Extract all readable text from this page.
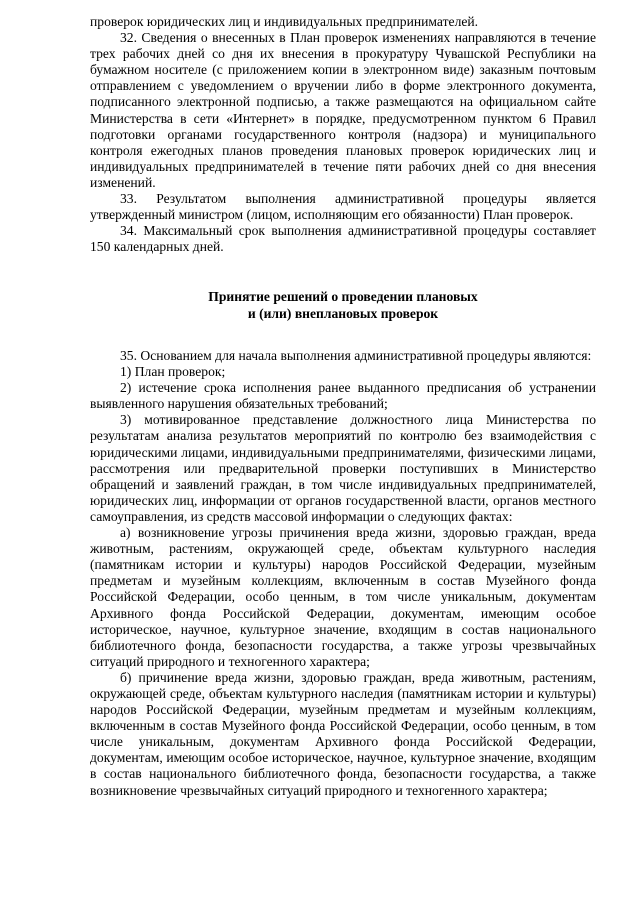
проверок юридических лиц и индивидуальных предпринимателей.

32. Сведения о внесенных в План проверок изменениях направляются в течение трех рабочих дней со дня их внесения в прокуратуру Чувашской Республики на бумажном носителе (с приложением копии в электронном виде) заказным почтовым отправлением с уведомлением о вручении либо в форме электронного документа, подписанного электронной подписью, а также размещаются на официальном сайте Министерства в сети «Интернет» в порядке, предусмотренном пунктом 6 Правил подготовки органами государственного контроля (надзора) и муниципального контроля ежегодных планов проведения плановых проверок юридических лиц и индивидуальных предпринимателей в течение пяти рабочих дней со дня внесения изменений.

33. Результатом выполнения административной процедуры является утвержденный министром (лицом, исполняющим его обязанности) План проверок.

34. Максимальный срок выполнения административной процедуры составляет 150 календарных дней.

Принятие решений о проведении плановых
и (или) внеплановых проверок

35. Основанием для начала выполнения административной процедуры являются:

1) План проверок;

2) истечение срока исполнения ранее выданного предписания об устранении выявленного нарушения обязательных требований;

3) мотивированное представление должностного лица Министерства по результатам анализа результатов мероприятий по контролю без взаимодействия с юридическими лицами, индивидуальными предпринимателями, физическими лицами, рассмотрения или предварительной проверки поступивших в Министерство обращений и заявлений граждан, в том числе индивидуальных предпринимателей, юридических лиц, информации от органов государственной власти, органов местного самоуправления, из средств массовой информации о следующих фактах:

а) возникновение угрозы причинения вреда жизни, здоровью граждан, вреда животным, растениям, окружающей среде, объектам культурного наследия (памятникам истории и культуры) народов Российской Федерации, музейным предметам и музейным коллекциям, включенным в состав Музейного фонда Российской Федерации, особо ценным, в том числе уникальным, документам Архивного фонда Российской Федерации, документам, имеющим особое историческое, научное, культурное значение, входящим в состав национального библиотечного фонда, безопасности государства, а также угрозы чрезвычайных ситуаций природного и техногенного характера;

б) причинение вреда жизни, здоровью граждан, вреда животным, растениям, окружающей среде, объектам культурного наследия (памятникам истории и культуры) народов Российской Федерации, музейным предметам и музейным коллекциям, включенным в состав Музейного фонда Российской Федерации, особо ценным, в том числе уникальным, документам Архивного фонда Российской Федерации, документам, имеющим особое историческое, научное, культурное значение, входящим в состав национального библиотечного фонда, безопасности государства, а также возникновение чрезвычайных ситуаций природного и техногенного характера;
